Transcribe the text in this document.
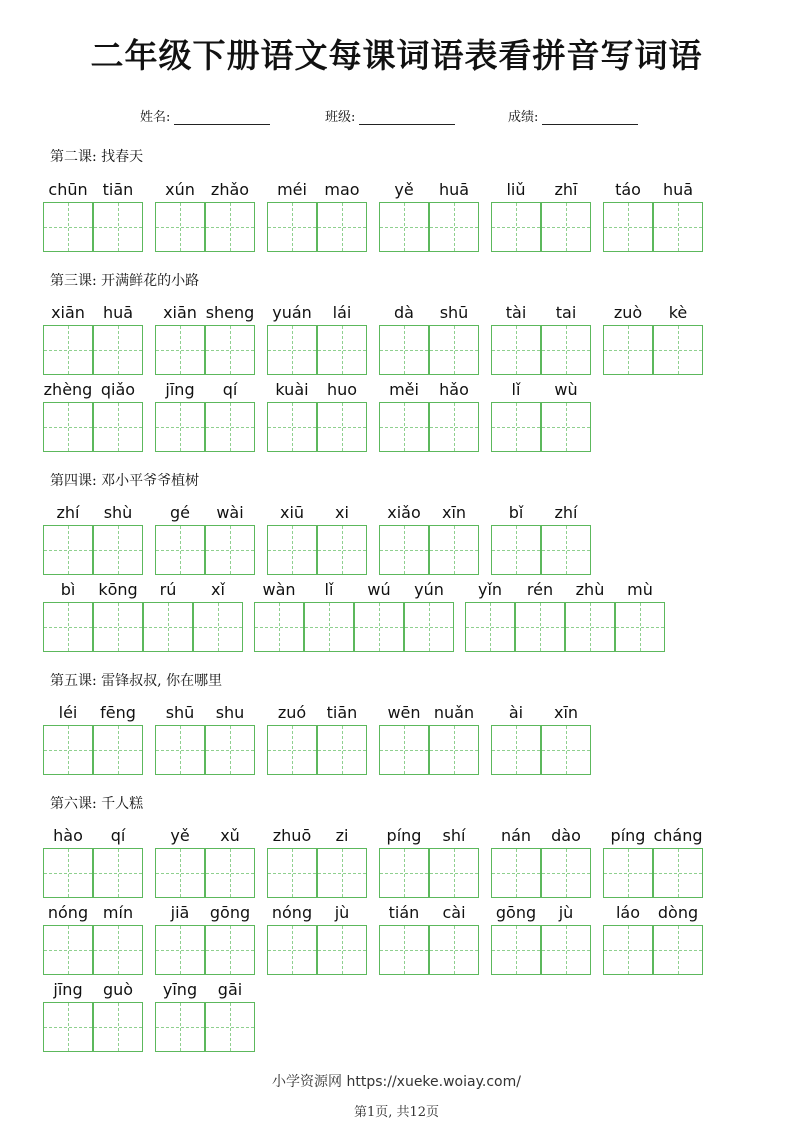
二年级下册语文每课词语表看拼音写词语
姓名:	班级:	成绩:
第二课: 找春天
chūn tiān	xún	zhǎo	méi	mao	yě	huā	liǔ	zhī	táo	huā
第三课: 开满鲜花的小路
xiān	huā	xiān sheng	yuán	lái	dà	shū	tài	tai	zuò	kè
zhèng qiǎo	jīng	qí	kuài	huo	měi	hǎo	lǐ	wù
第四课: 邓小平爷爷植树
zhí	shù	gé	wài	xiū	xi	xiǎo	xīn	bǐ	zhí
bì	kōng	rú	xǐ	wàn	lǐ	wú	yún	yǐn	rén	zhù	mù
第五课: 雷锋叔叔, 你在哪里
léi	fēng	shū	shu	zuó	tiān	wēn nuǎn	ài	xīn
第六课: 千人糕
hào	qí	yě	xǔ	zhuō	zi	píng	shí	nán	dào	píng cháng
nóng mín	jiā	gōng	nóng	jù	tián	cài	gōng	jù	láo	dòng
jīng	guò	yīng	gāi
小学资源网 https://xueke.woiay.com/
第1页, 共12页
